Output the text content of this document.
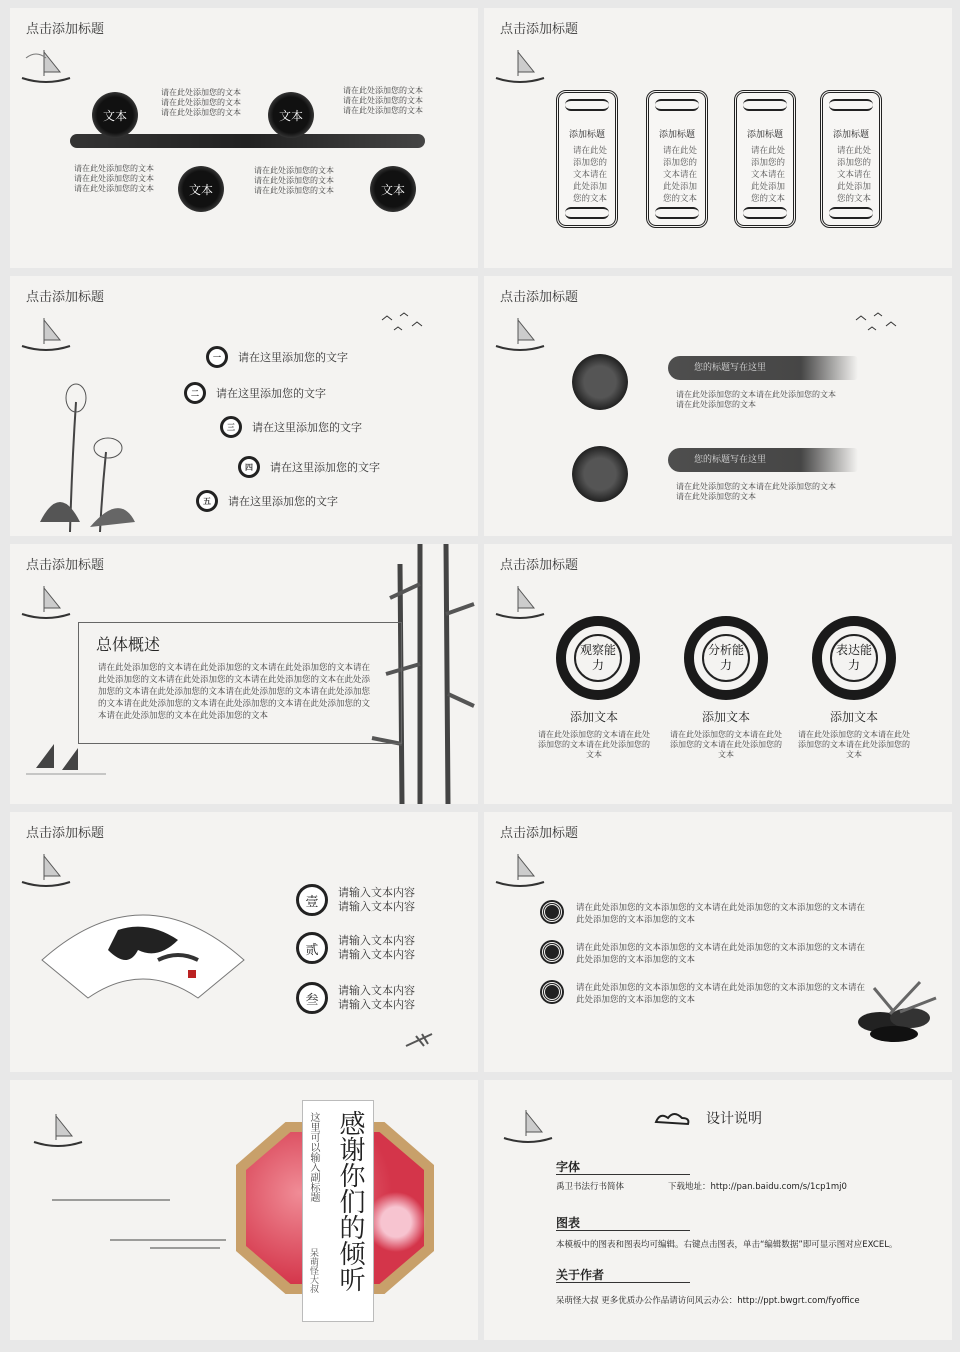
点击添加标题
文本	文本
文本	文本
请在此处添加您的文本请在此处添加您的文本请在此处添加您的文本
请在此处添加您的文本请在此处添加您的文本请在此处添加您的文本
请在此处添加您的文本请在此处添加您的文本请在此处添加您的文本
请在此处添加您的文本请在此处添加您的文本请在此处添加您的文本
点击添加标题
添加标题
请在此处添加您的文本请在此处添加您的文本
添加标题
请在此处添加您的文本请在此处添加您的文本
添加标题
请在此处添加您的文本请在此处添加您的文本
添加标题
请在此处添加您的文本请在此处添加您的文本
点击添加标题
一	请在这里添加您的文字
二	请在这里添加您的文字
三	请在这里添加您的文字
四	请在这里添加您的文字
五	请在这里添加您的文字
点击添加标题
您的标题写在这里
请在此处添加您的文本请在此处添加您的文本请在此处添加您的文本
您的标题写在这里
请在此处添加您的文本请在此处添加您的文本请在此处添加您的文本
点击添加标题
总体概述
请在此处添加您的文本请在此处添加您的文本请在此处添加您的文本请在此处添加您的文本请在此处添加您的文本请在此处添加您的文本在此处添加您的文本请在此处添加您的文本请在此处添加您的文本请在此处添加您的文本请在此处添加您的文本请在此处添加您的文本请在此处添加您的文本请在此处添加您的文本在此处添加您的文本
点击添加标题
观察能力
分析能力
表达能力
添加文本	添加文本	添加文本
请在此处添加您的文本请在此处添加您的文本请在此处添加您的文本
请在此处添加您的文本请在此处添加您的文本请在此处添加您的文本
请在此处添加您的文本请在此处添加您的文本请在此处添加您的文本
点击添加标题
壹
贰
叁
请输入文本内容
请输入文本内容
请输入文本内容
请输入文本内容
请输入文本内容
请输入文本内容
点击添加标题
请在此处添加您的文本添加您的文本请在此处添加您的文本添加您的文本请在此处添加您的文本添加您的文本
请在此处添加您的文本添加您的文本请在此处添加您的文本添加您的文本请在此处添加您的文本添加您的文本
请在此处添加您的文本添加您的文本请在此处添加您的文本添加您的文本请在此处添加您的文本添加您的文本
这里可以输入副标题 感谢你们的倾听
呆萌怪大叔
设计说明
字体
禹卫书法行书简体	下载地址：http://pan.baidu.com/s/1cp1mj0
图表
本模板中的图表和图表均可编辑。右键点击图表，单击“编辑数据”即可显示图对应EXCEL。
关于作者
呆萌怪大叔 更多优质办公作品请访问风云办公：http://ppt.bwgrt.com/fyoffice
